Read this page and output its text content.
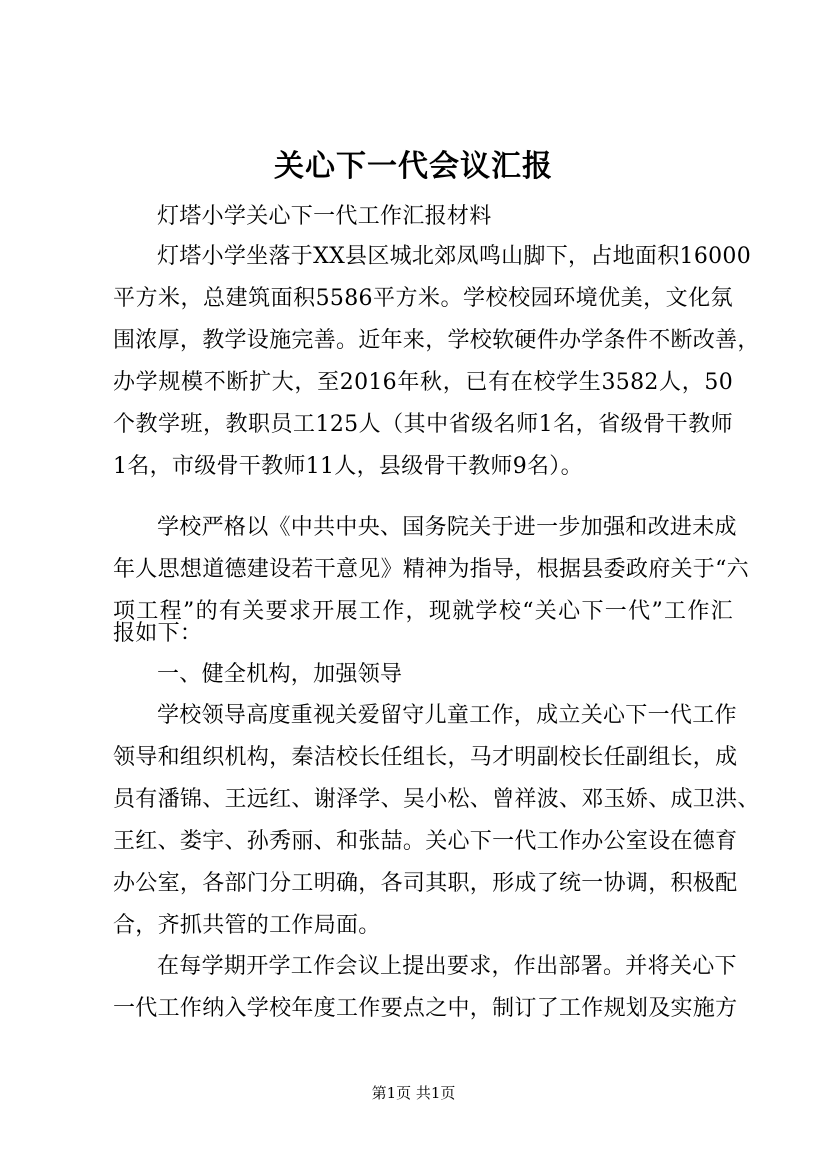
关心下一代会议汇报
灯塔小学关心下一代工作汇报材料
灯塔小学坐落于XX县区城北郊凤鸣山脚下，占地面积16000
平方米，总建筑面积5586平方米。学校校园环境优美，文化氛
围浓厚，教学设施完善。近年来，学校软硬件办学条件不断改善，
办学规模不断扩大，至2016年秋，已有在校学生3582人，50
个教学班，教职员工125人（其中省级名师1名，省级骨干教师
1名，市级骨干教师11人，县级骨干教师9名）。
学校严格以《中共中央、国务院关于进一步加强和改进未成
年人思想道德建设若干意见》精神为指导，根据县委政府关于“六
项工程”的有关要求开展工作，现就学校“关心下一代”工作汇
报如下：
一、健全机构，加强领导
学校领导高度重视关爱留守儿童工作，成立关心下一代工作
领导和组织机构，秦洁校长任组长，马才明副校长任副组长，成
员有潘锦、王远红、谢泽学、吴小松、曾祥波、邓玉娇、成卫洪、
王红、娄宇、孙秀丽、和张喆。关心下一代工作办公室设在德育
办公室，各部门分工明确，各司其职，形成了统一协调，积极配
合，齐抓共管的工作局面。
在每学期开学工作会议上提出要求，作出部署。并将关心下
一代工作纳入学校年度工作要点之中，制订了工作规划及实施方
第1页 共1页
